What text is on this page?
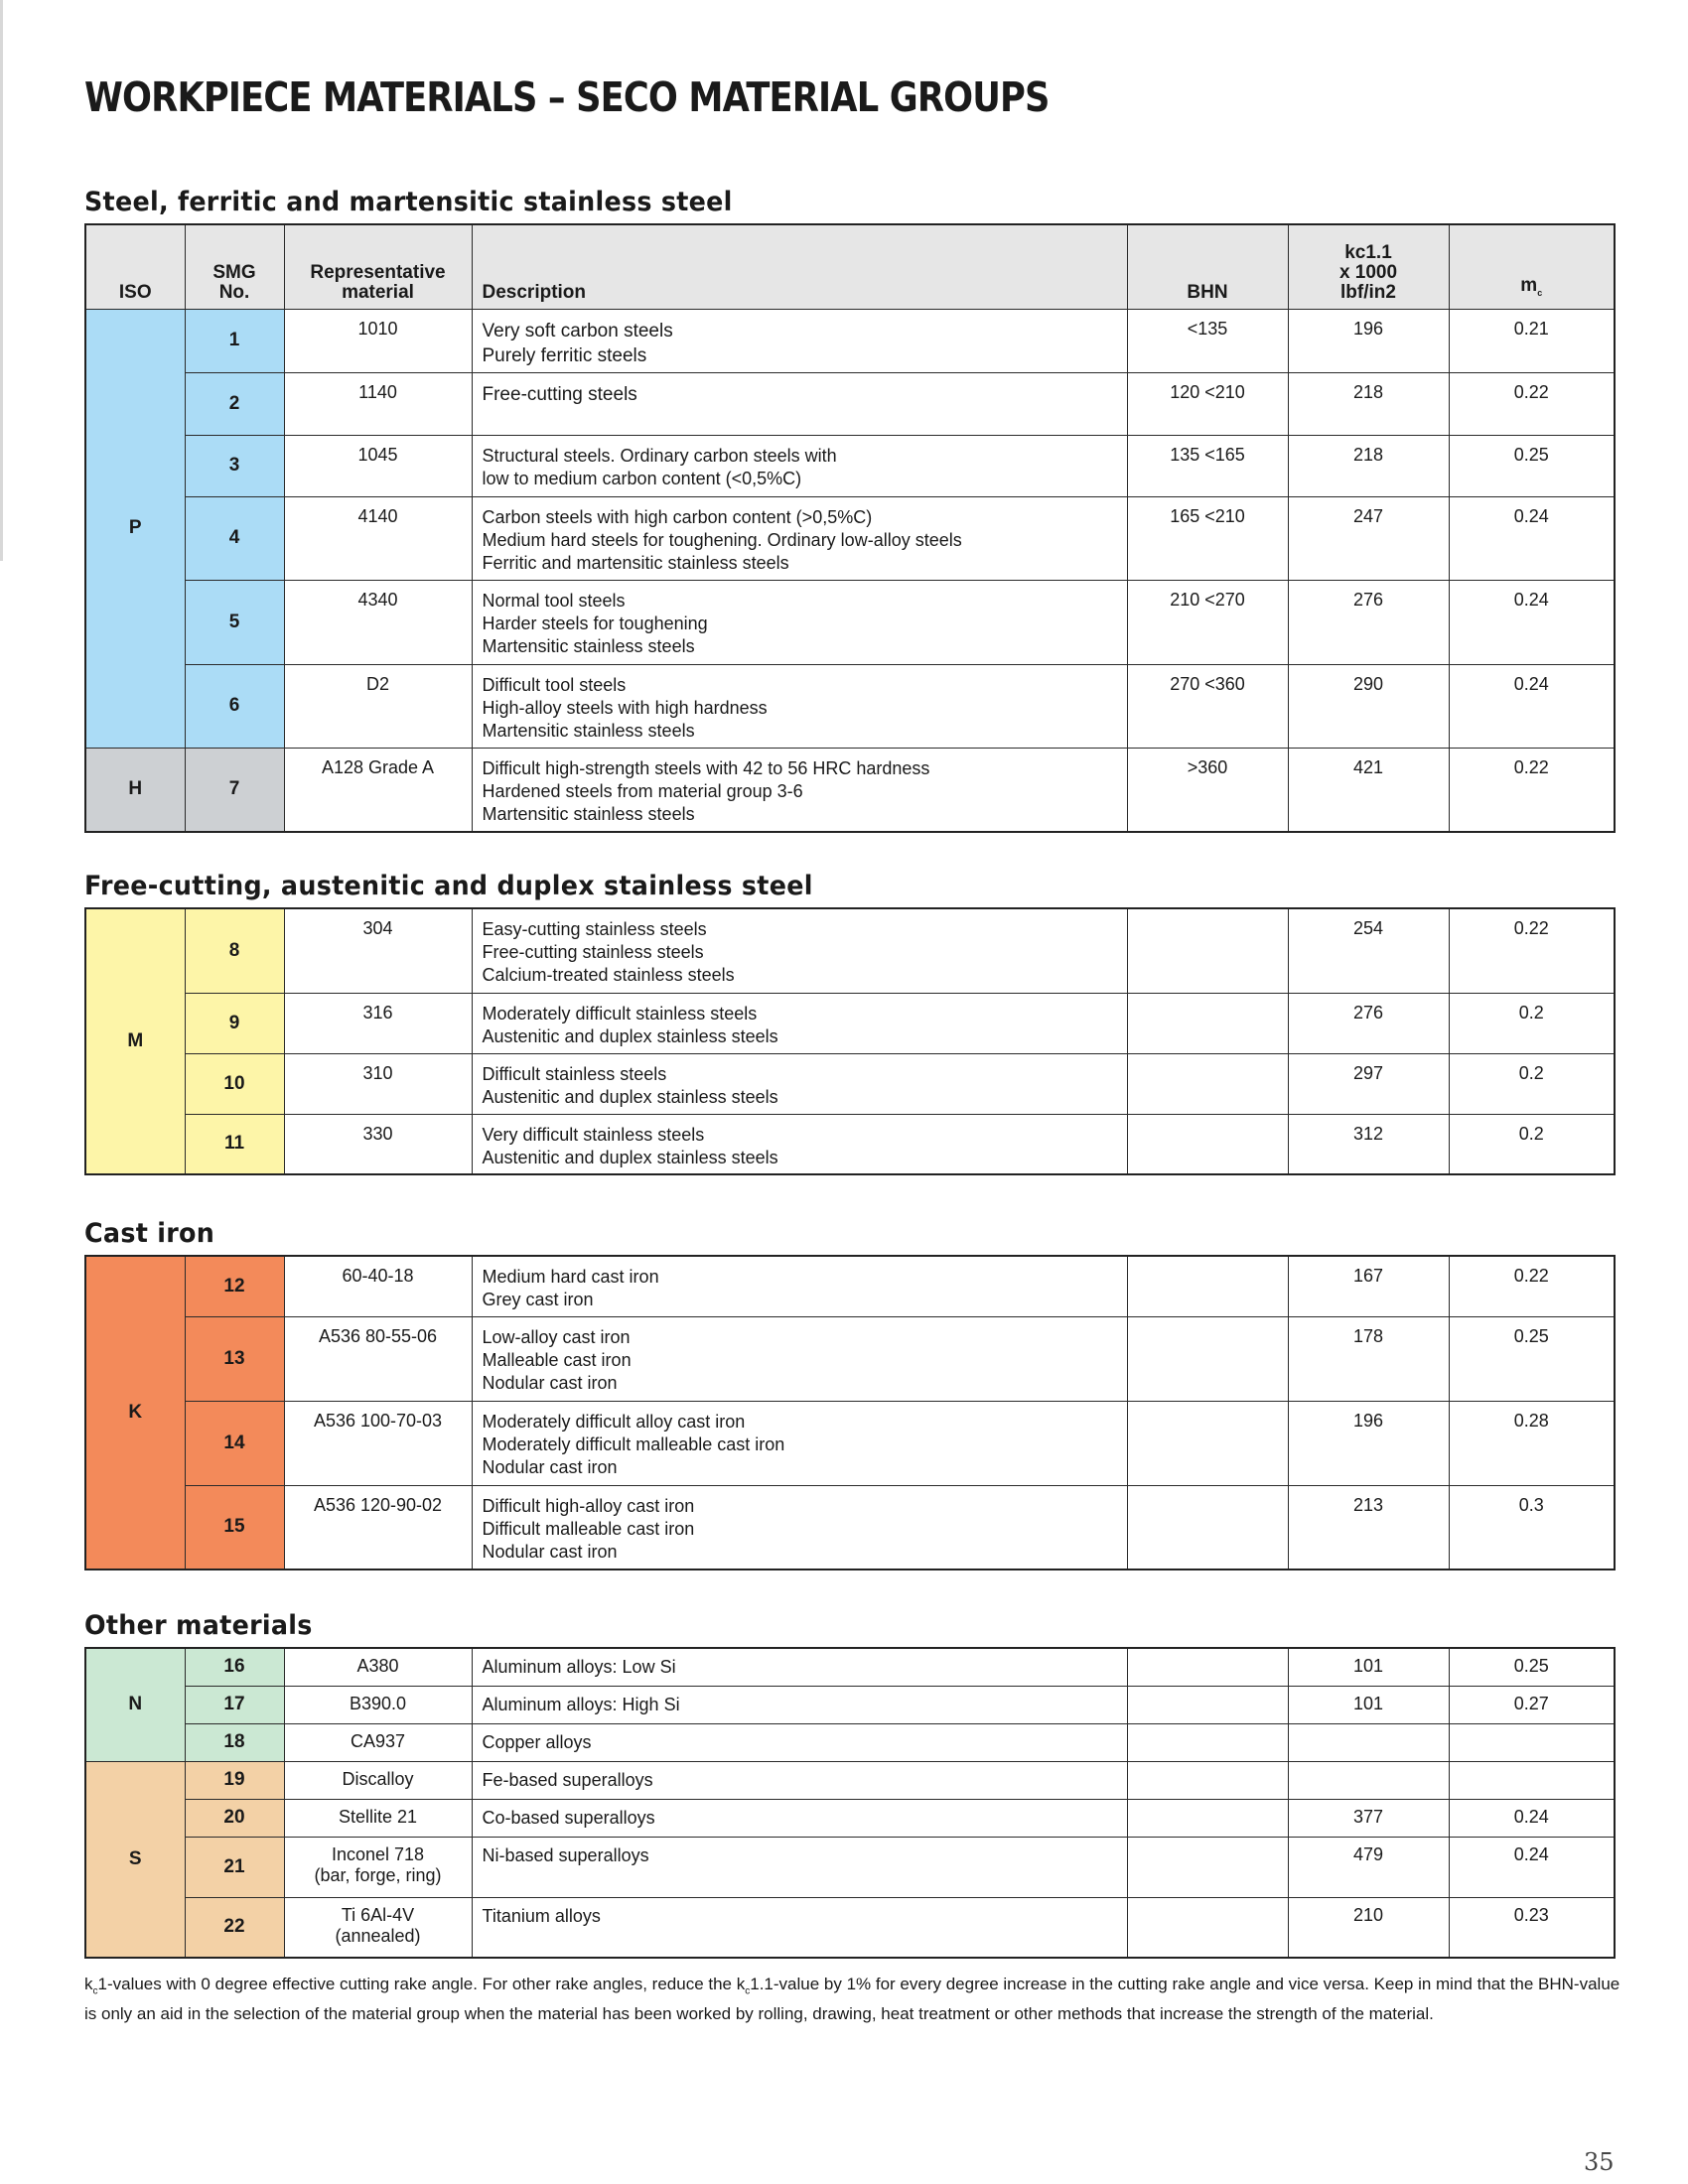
WORKPIECE MATERIALS – SECO MATERIAL GROUPS
Steel, ferritic and martensitic stainless steel
ISO	SMG
No.	Representative
material	Description	BHN	kc1.1
x 1000
lbf/in2	$m_c$
P	1	1010	Very soft carbon steels
Purely ferritic steels	<135	196	0.21
	2	1140	Free-cutting steels	120 <210	218	0.22
	3	1045	Structural steels. Ordinary carbon steels with
low to medium carbon content (<0,5%C)	135 <165	218	0.25
	4	4140	Carbon steels with high carbon content (>0,5%C)
Medium hard steels for toughening. Ordinary low-alloy steels
Ferritic and martensitic stainless steels	165 <210	247	0.24
	5	4340	Normal tool steels
Harder steels for toughening
Martensitic stainless steels	210 <270	276	0.24
	6	D2	Difficult tool steels
High-alloy steels with high hardness
Martensitic stainless steels	270 <360	290	0.24
H	7	A128 Grade A	Difficult high-strength steels with 42 to 56 HRC hardness
Hardened steels from material group 3-6
Martensitic stainless steels	>360	421	0.22
Free-cutting, austenitic and duplex stainless steel
M	8	304	Easy-cutting stainless steels
Free-cutting stainless steels
Calcium-treated stainless steels		254	0.22
	9	316	Moderately difficult stainless steels
Austenitic and duplex stainless steels		276	0.2
	10	310	Difficult stainless steels
Austenitic and duplex stainless steels		297	0.2
	11	330	Very difficult stainless steels
Austenitic and duplex stainless steels		312	0.2
Cast iron
K	12	60-40-18	Medium hard cast iron
Grey cast iron		167	0.22
	13	A536 80-55-06	Low-alloy cast iron
Malleable cast iron
Nodular cast iron		178	0.25
	14	A536 100-70-03	Moderately difficult alloy cast iron
Moderately difficult malleable cast iron
Nodular cast iron		196	0.28
	15	A536 120-90-02	Difficult high-alloy cast iron
Difficult malleable cast iron
Nodular cast iron		213	0.3
Other materials
N	16	A380	Aluminum alloys: Low Si		101	0.25
	17	B390.0	Aluminum alloys: High Si		101	0.27
	18	CA937	Copper alloys			

S	19	Discalloy	Fe-based superalloys			

	20	Stellite 21	Co-based superalloys		377	0.24
	21	Inconel 718
(bar, forge, ring)	Ni-based superalloys		479	0.24
	22	Ti 6Al-4V
(annealed)	Titanium alloys		210	0.23

$k_c1$-values with 0 degree effective cutting rake angle. For other rake angles, reduce the $k_c1.1$-value by 1% for every degree increase in the cutting rake angle and vice versa. Keep in mind that the BHN-value is only an aid in the selection of the material group when the material has been worked by rolling, drawing, heat treatment or other methods that increase the strength of the material.

35
